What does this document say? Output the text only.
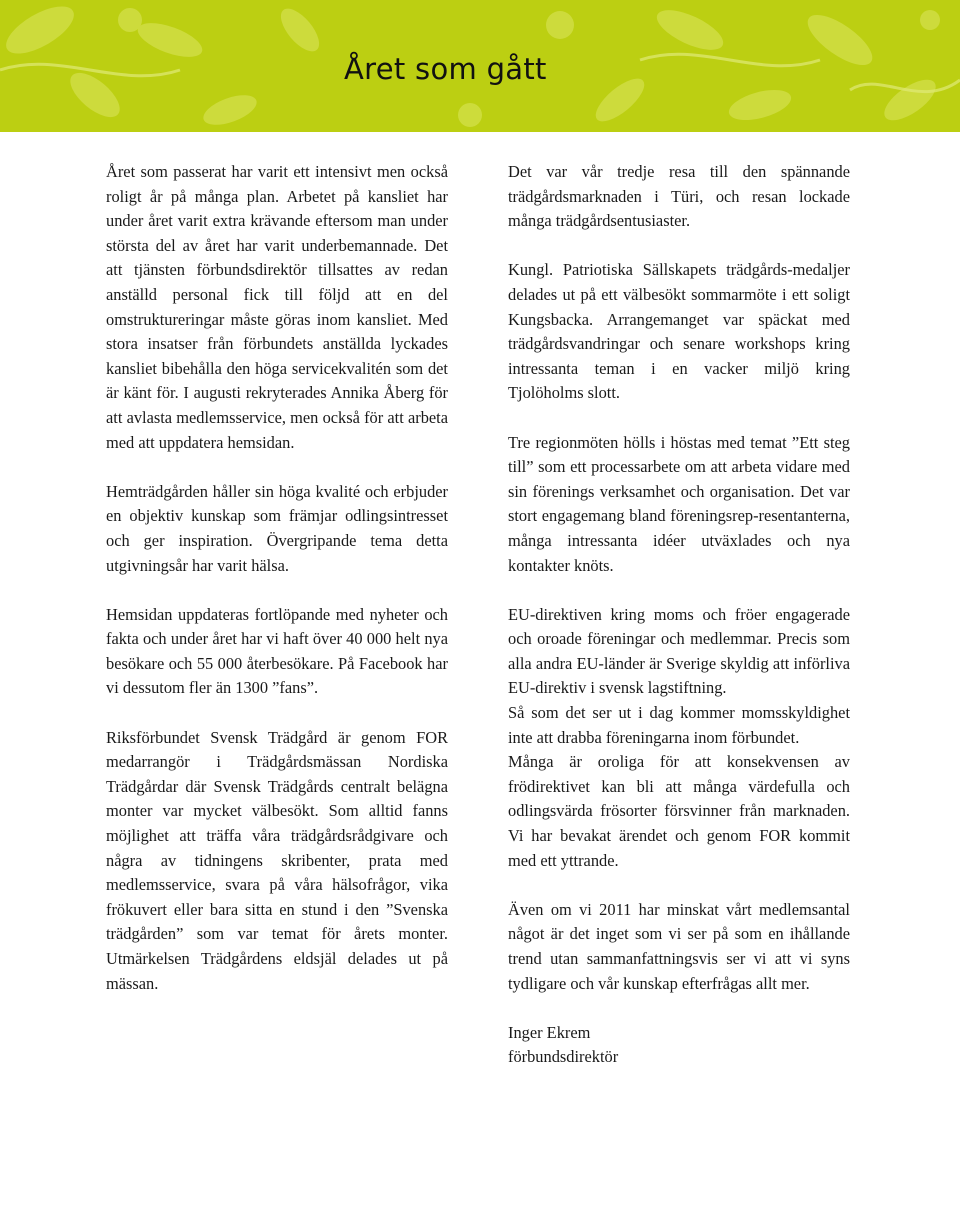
Året som gått

Året som passerat har varit ett intensivt men också roligt år på många plan. Arbetet på kansliet har under året varit extra krävande eftersom man under största del av året har varit underbemannade. Det att tjänsten förbundsdirektör tillsattes av redan anställd personal fick till följd att en del omstruktureringar måste göras inom kansliet. Med stora insatser från förbundets anställda lyckades kansliet bibehålla den höga servicekvalitén som det är känt för. I augusti rekryterades Annika Åberg för att avlasta medlemsservice, men också för att arbeta med att uppdatera hemsidan.

Hemträdgården håller sin höga kvalité och erbjuder en objektiv kunskap som främjar odlingsintresset och ger inspiration. Övergripande tema detta utgivningsår har varit hälsa.

Hemsidan uppdateras fortlöpande med nyheter och fakta och under året har vi haft över 40 000 helt nya besökare och 55 000 återbesökare. På Facebook har vi dessutom fler än 1300 ”fans”.

Riksförbundet Svensk Trädgård är genom FOR medarrangör i Trädgårdsmässan Nordiska Trädgårdar där Svensk Trädgårds centralt belägna monter var mycket välbesökt. Som alltid fanns möjlighet att träffa våra trädgårdsrådgivare och några av tidningens skribenter, prata med medlemsservice, svara på våra hälsofrågor, vika frökuvert eller bara sitta en stund i den ”Svenska trädgården” som var temat för årets monter. Utmärkelsen Trädgårdens eldsjäl delades ut på mässan.

Det var vår tredje resa till den spännande trädgårdsmarknaden i Türi, och resan lockade många trädgårdsentusiaster.

Kungl. Patriotiska Sällskapets trädgårds-medaljer delades ut på ett välbesökt sommarmöte i ett soligt Kungsbacka. Arrangemanget var späckat med trädgårdsvandringar och senare workshops kring intressanta teman i en vacker miljö kring Tjolöholms slott.

Tre regionmöten hölls i höstas med temat ”Ett steg till” som ett processarbete om att arbeta vidare med sin förenings verksamhet och organisation. Det var stort engagemang bland föreningsrep-resentanterna, många intressanta idéer utväxlades och nya kontakter knöts.

EU-direktiven kring moms och fröer engagerade och oroade föreningar och medlemmar. Precis som alla andra EU-länder är Sverige skyldig att införliva EU-direktiv i svensk lagstiftning.

Så som det ser ut i dag kommer momsskyldighet inte att drabba föreningarna inom förbundet.

Många är oroliga för att konsekvensen av frödirektivet kan bli att många värdefulla och odlingsvärda frösorter försvinner från marknaden. Vi har bevakat ärendet och genom FOR kommit med ett yttrande.

Även om vi 2011 har minskat vårt medlemsantal något är det inget som vi ser på som en ihållande trend utan sammanfattningsvis ser vi att vi syns tydligare och vår kunskap efterfrågas allt mer.

Inger Ekrem

förbundsdirektör
